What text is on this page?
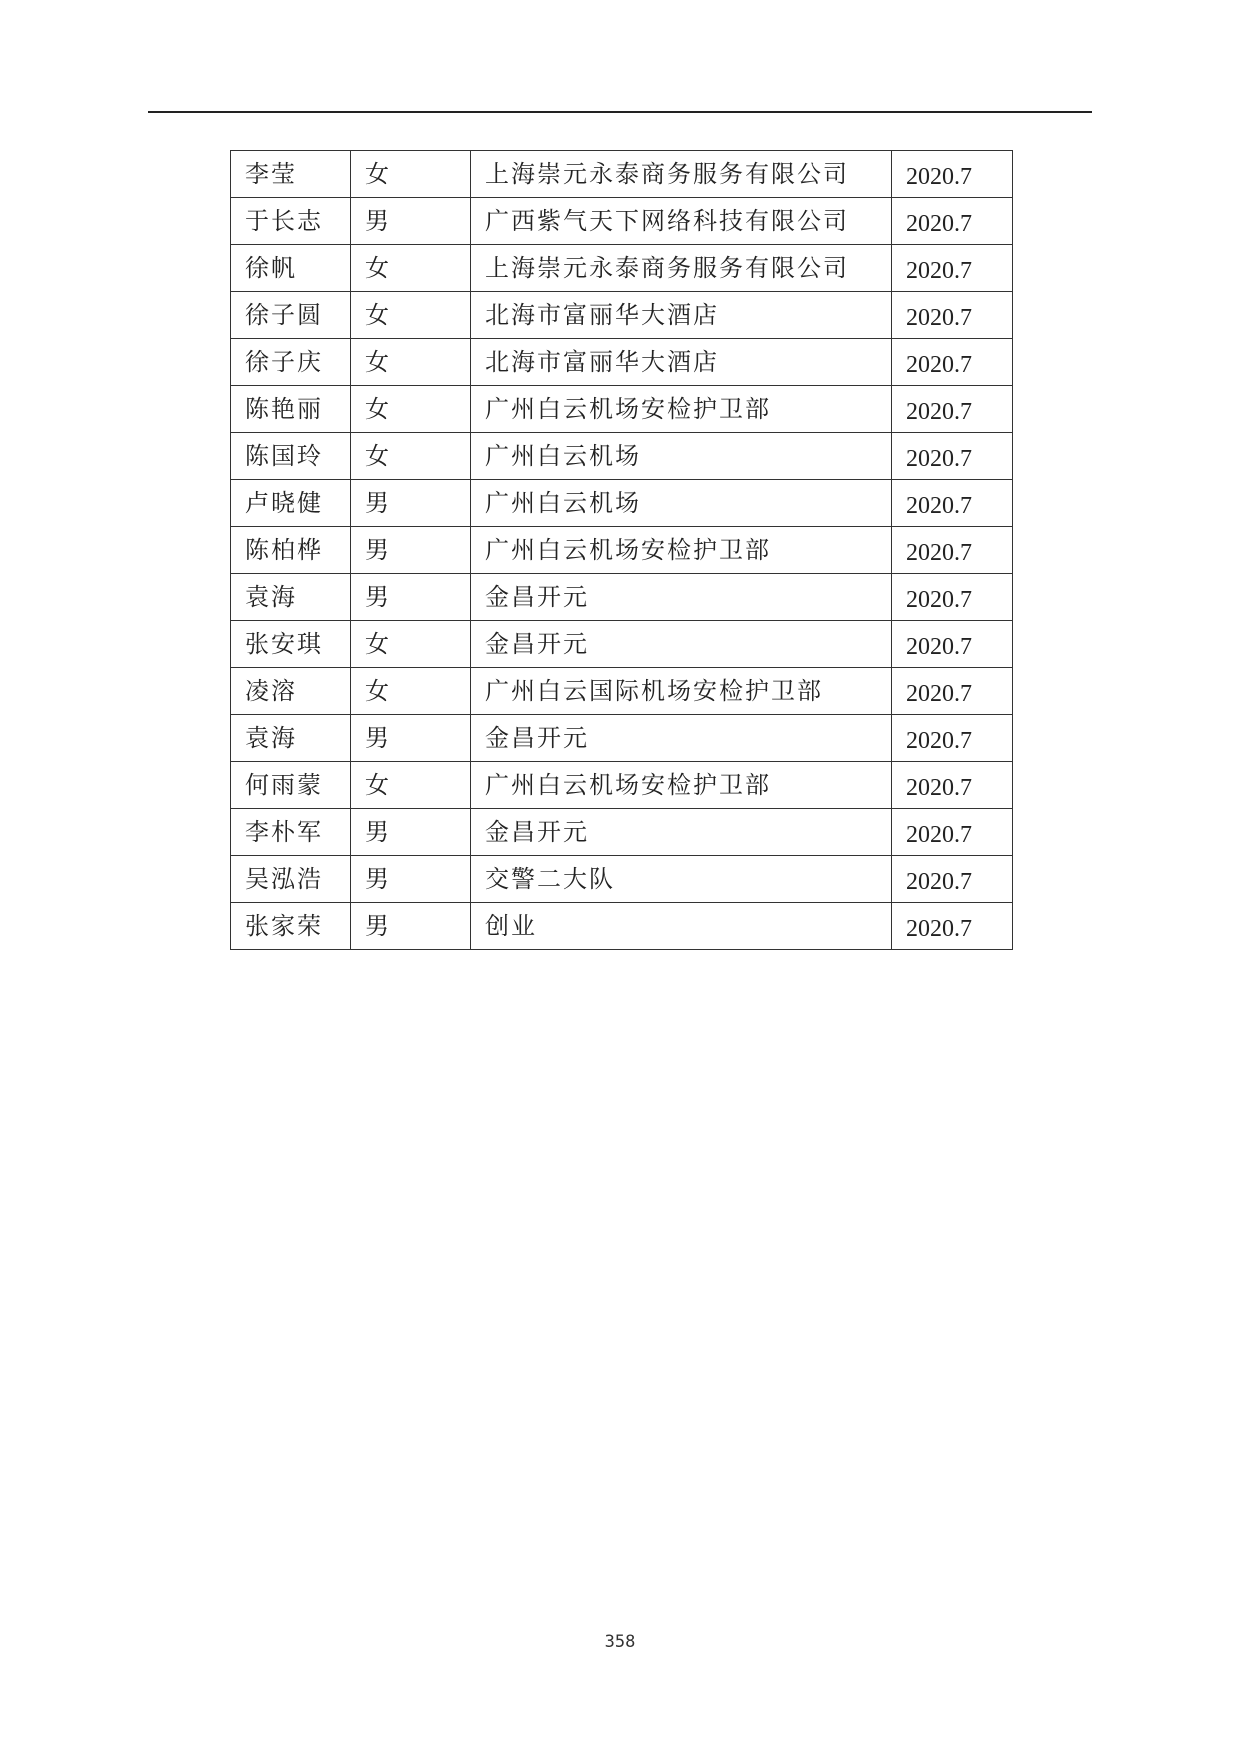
李莹	女	上海崇元永泰商务服务有限公司	2020.7
于长志	男	广西紫气天下网络科技有限公司	2020.7
徐帆	女	上海崇元永泰商务服务有限公司	2020.7
徐子圆	女	北海市富丽华大酒店	2020.7
徐子庆	女	北海市富丽华大酒店	2020.7
陈艳丽	女	广州白云机场安检护卫部	2020.7
陈国玲	女	广州白云机场	2020.7
卢晓健	男	广州白云机场	2020.7
陈柏桦	男	广州白云机场安检护卫部	2020.7
袁海	男	金昌开元	2020.7
张安琪	女	金昌开元	2020.7
凌溶	女	广州白云国际机场安检护卫部	2020.7
袁海	男	金昌开元	2020.7
何雨蒙	女	广州白云机场安检护卫部	2020.7
李朴军	男	金昌开元	2020.7
吴泓浩	男	交警二大队	2020.7
张家荣	男	创业	2020.7
358
